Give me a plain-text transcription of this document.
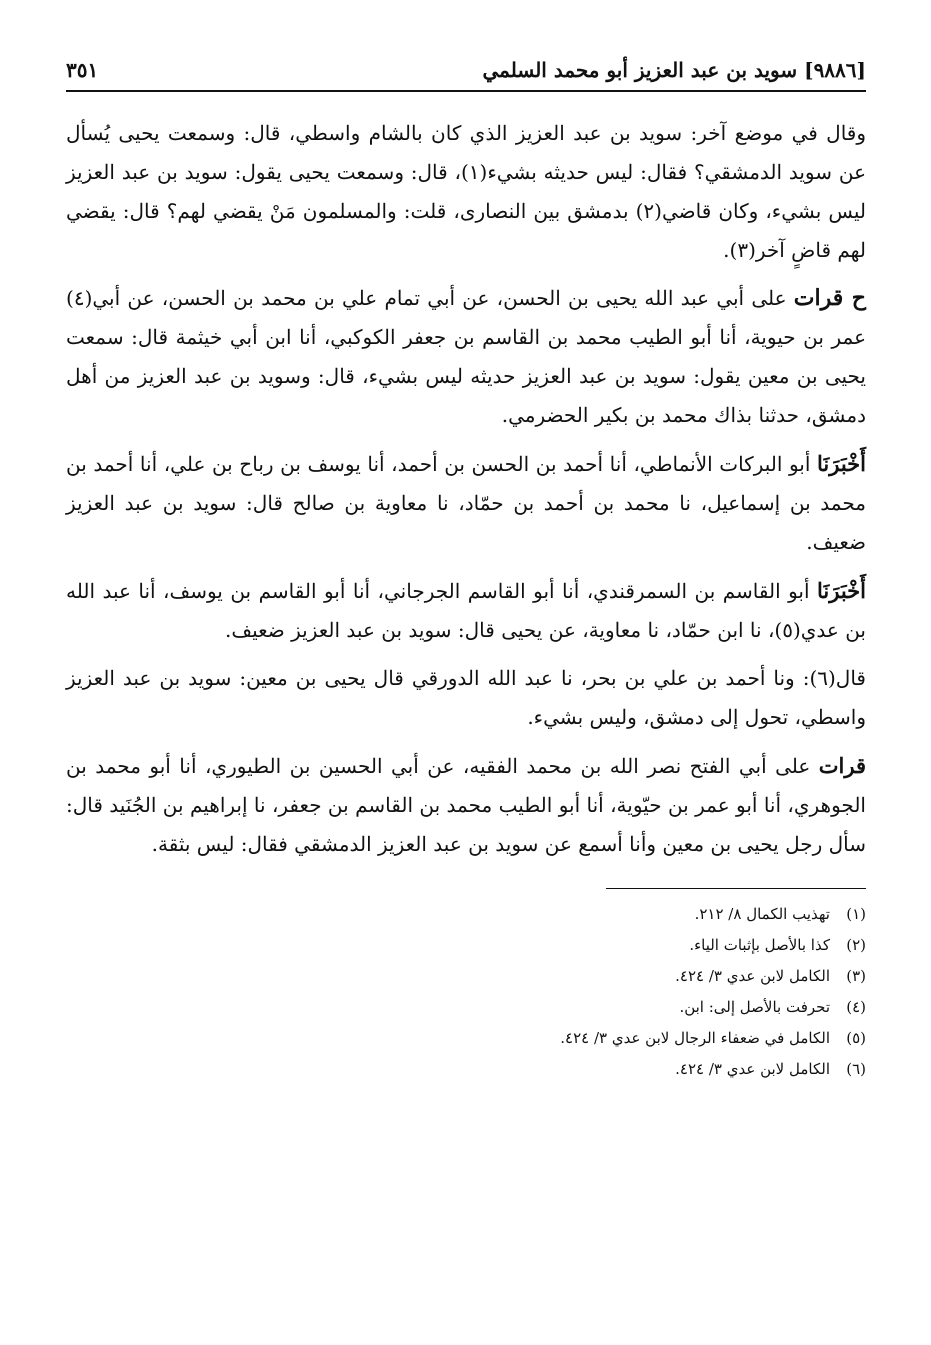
[٩٨٨٦] سويد بن عبد العزيز أبو محمد السلمي
٣٥١

وقال في موضع آخر: سويد بن عبد العزيز الذي كان بالشام واسطي، قال: وسمعت يحيى يُسأل عن سويد الدمشقي؟ فقال: ليس حديثه بشيء(١)، قال: وسمعت يحيى يقول: سويد بن عبد العزيز ليس بشيء، وكان قاضي(٢) بدمشق بين النصارى، قلت: والمسلمون مَنْ يقضي لهم؟ قال: يقضي لهم قاضٍ آخر(٣).

ح قرات على أبي عبد الله يحيى بن الحسن، عن أبي تمام علي بن محمد بن الحسن، عن أبي(٤) عمر بن حيوية، أنا أبو الطيب محمد بن القاسم بن جعفر الكوكبي، أنا ابن أبي خيثمة قال: سمعت يحيى بن معين يقول: سويد بن عبد العزيز حديثه ليس بشيء، قال: وسويد بن عبد العزيز من أهل دمشق، حدثنا بذاك محمد بن بكير الحضرمي.

أَخْبَرَنَا أبو البركات الأنماطي، أنا أحمد بن الحسن بن أحمد، أنا يوسف بن رباح بن علي، أنا أحمد بن محمد بن إسماعيل، نا محمد بن أحمد بن حمّاد، نا معاوية بن صالح قال: سويد بن عبد العزيز ضعيف.

أَخْبَرَنَا أبو القاسم بن السمرقندي، أنا أبو القاسم الجرجاني، أنا أبو القاسم بن يوسف، أنا عبد الله بن عدي(٥)، نا ابن حمّاد، نا معاوية، عن يحيى قال: سويد بن عبد العزيز ضعيف.

قال(٦): ونا أحمد بن علي بن بحر، نا عبد الله الدورقي قال يحيى بن معين: سويد بن عبد العزيز واسطي، تحول إلى دمشق، وليس بشيء.

قرات على أبي الفتح نصر الله بن محمد الفقيه، عن أبي الحسين بن الطيوري، أنا أبو محمد بن الجوهري، أنا أبو عمر بن حيّوية، أنا أبو الطيب محمد بن القاسم بن جعفر، نا إبراهيم بن الجُنَيد قال: سأل رجل يحيى بن معين وأنا أسمع عن سويد بن عبد العزيز الدمشقي فقال: ليس بثقة.

(١)تهذيب الكمال ٨/ ٢١٢.
(٢)كذا بالأصل بإثبات الياء.
(٣)الكامل لابن عدي ٣/ ٤٢٤.
(٤)تحرفت بالأصل إلى: ابن.
(٥)الكامل في ضعفاء الرجال لابن عدي ٣/ ٤٢٤.
(٦)الكامل لابن عدي ٣/ ٤٢٤.
